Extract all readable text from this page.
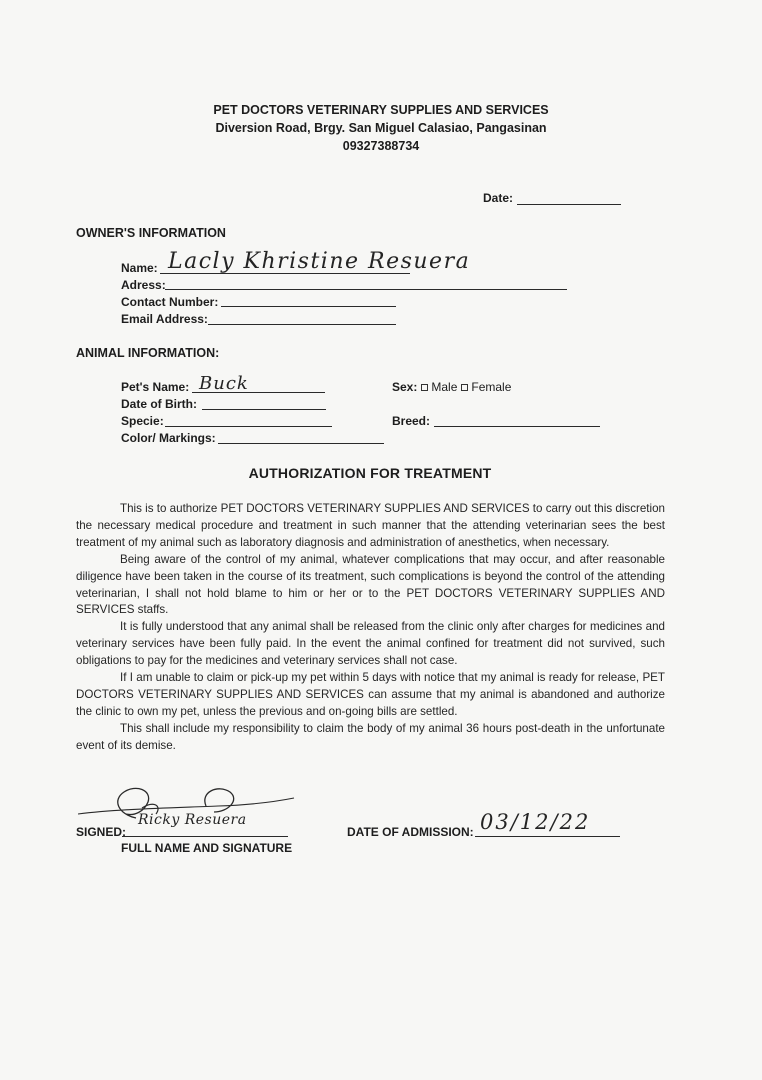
PET DOCTORS VETERINARY SUPPLIES AND SERVICES
Diversion Road, Brgy. San Miguel Calasiao, Pangasinan
09327388734
Date:
OWNER'S INFORMATION
Name: Lacly Khristine Resuera
Adress:
Contact Number:
Email Address:
ANIMAL INFORMATION:
Pet's Name: Buck
Date of Birth:
Specie:
Color/ Markings:
Sex: Male Female
Breed:
AUTHORIZATION FOR TREATMENT

This is to authorize PET DOCTORS VETERINARY SUPPLIES AND SERVICES to carry out this discretion the necessary medical procedure and treatment in such manner that the attending veterinarian sees the best treatment of my animal such as laboratory diagnosis and administration of anesthetics, when necessary.

Being aware of the control of my animal, whatever complications that may occur, and after reasonable diligence have been taken in the course of its treatment, such complications is beyond the control of the attending veterinarian, I shall not hold blame to him or her or to the PET DOCTORS VETERINARY SUPPLIES AND SERVICES staffs.

It is fully understood that any animal shall be released from the clinic only after charges for medicines and veterinary services have been fully paid. In the event the animal confined for treatment did not survived, such obligations to pay for the medicines and veterinary services shall not case.

If I am unable to claim or pick-up my pet within 5 days with notice that my animal is ready for release, PET DOCTORS VETERINARY SUPPLIES AND SERVICES can assume that my animal is abandoned and authorize the clinic to own my pet, unless the previous and on-going bills are settled.

This shall include my responsibility to claim the body of my animal 36 hours post-death in the unfortunate event of its demise.

Ricky Resuera
SIGNED:
FULL NAME AND SIGNATURE
DATE OF ADMISSION: 03/12/22
